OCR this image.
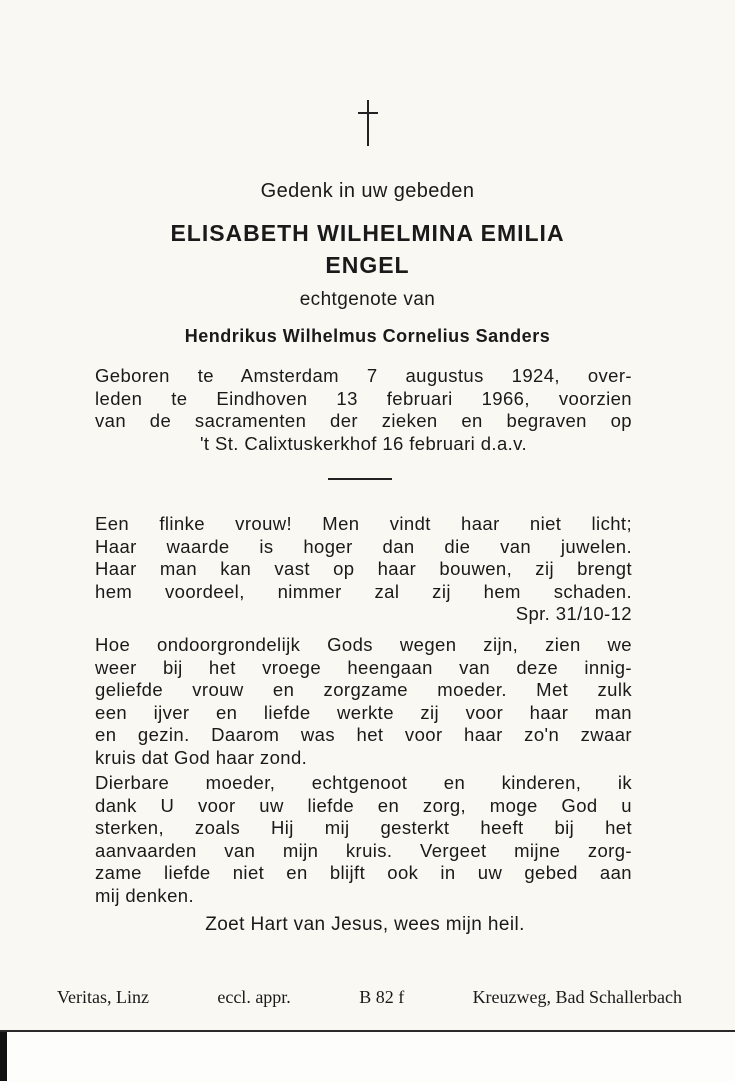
Gedenk in uw gebeden
ELISABETH WILHELMINA EMILIA
ENGEL
echtgenote van
Hendrikus Wilhelmus Cornelius Sanders
Geboren te Amsterdam 7 augustus 1924, over-
leden te Eindhoven 13 februari 1966, voorzien
van de sacramenten der zieken en begraven op
't St. Calixtuskerkhof 16 februari d.a.v.
Een flinke vrouw! Men vindt haar niet licht;
Haar waarde is hoger dan die van juwelen.
Haar man kan vast op haar bouwen, zij brengt
hem voordeel, nimmer zal zij hem schaden.
Spr. 31/10-12
Hoe ondoorgrondelijk Gods wegen zijn, zien we
weer bij het vroege heengaan van deze innig-
geliefde vrouw en zorgzame moeder. Met zulk
een ijver en liefde werkte zij voor haar man
en gezin. Daarom was het voor haar zo'n zwaar
kruis dat God haar zond.
Dierbare moeder, echtgenoot en kinderen, ik
dank U voor uw liefde en zorg, moge God u
sterken, zoals Hij mij gesterkt heeft bij het
aanvaarden van mijn kruis. Vergeet mijne zorg-
zame liefde niet en blijft ook in uw gebed aan
mij denken.
Zoet Hart van Jesus, wees mijn heil.
Veritas, Linz	eccl. appr.	B 82 f	Kreuzweg, Bad Schallerbach
